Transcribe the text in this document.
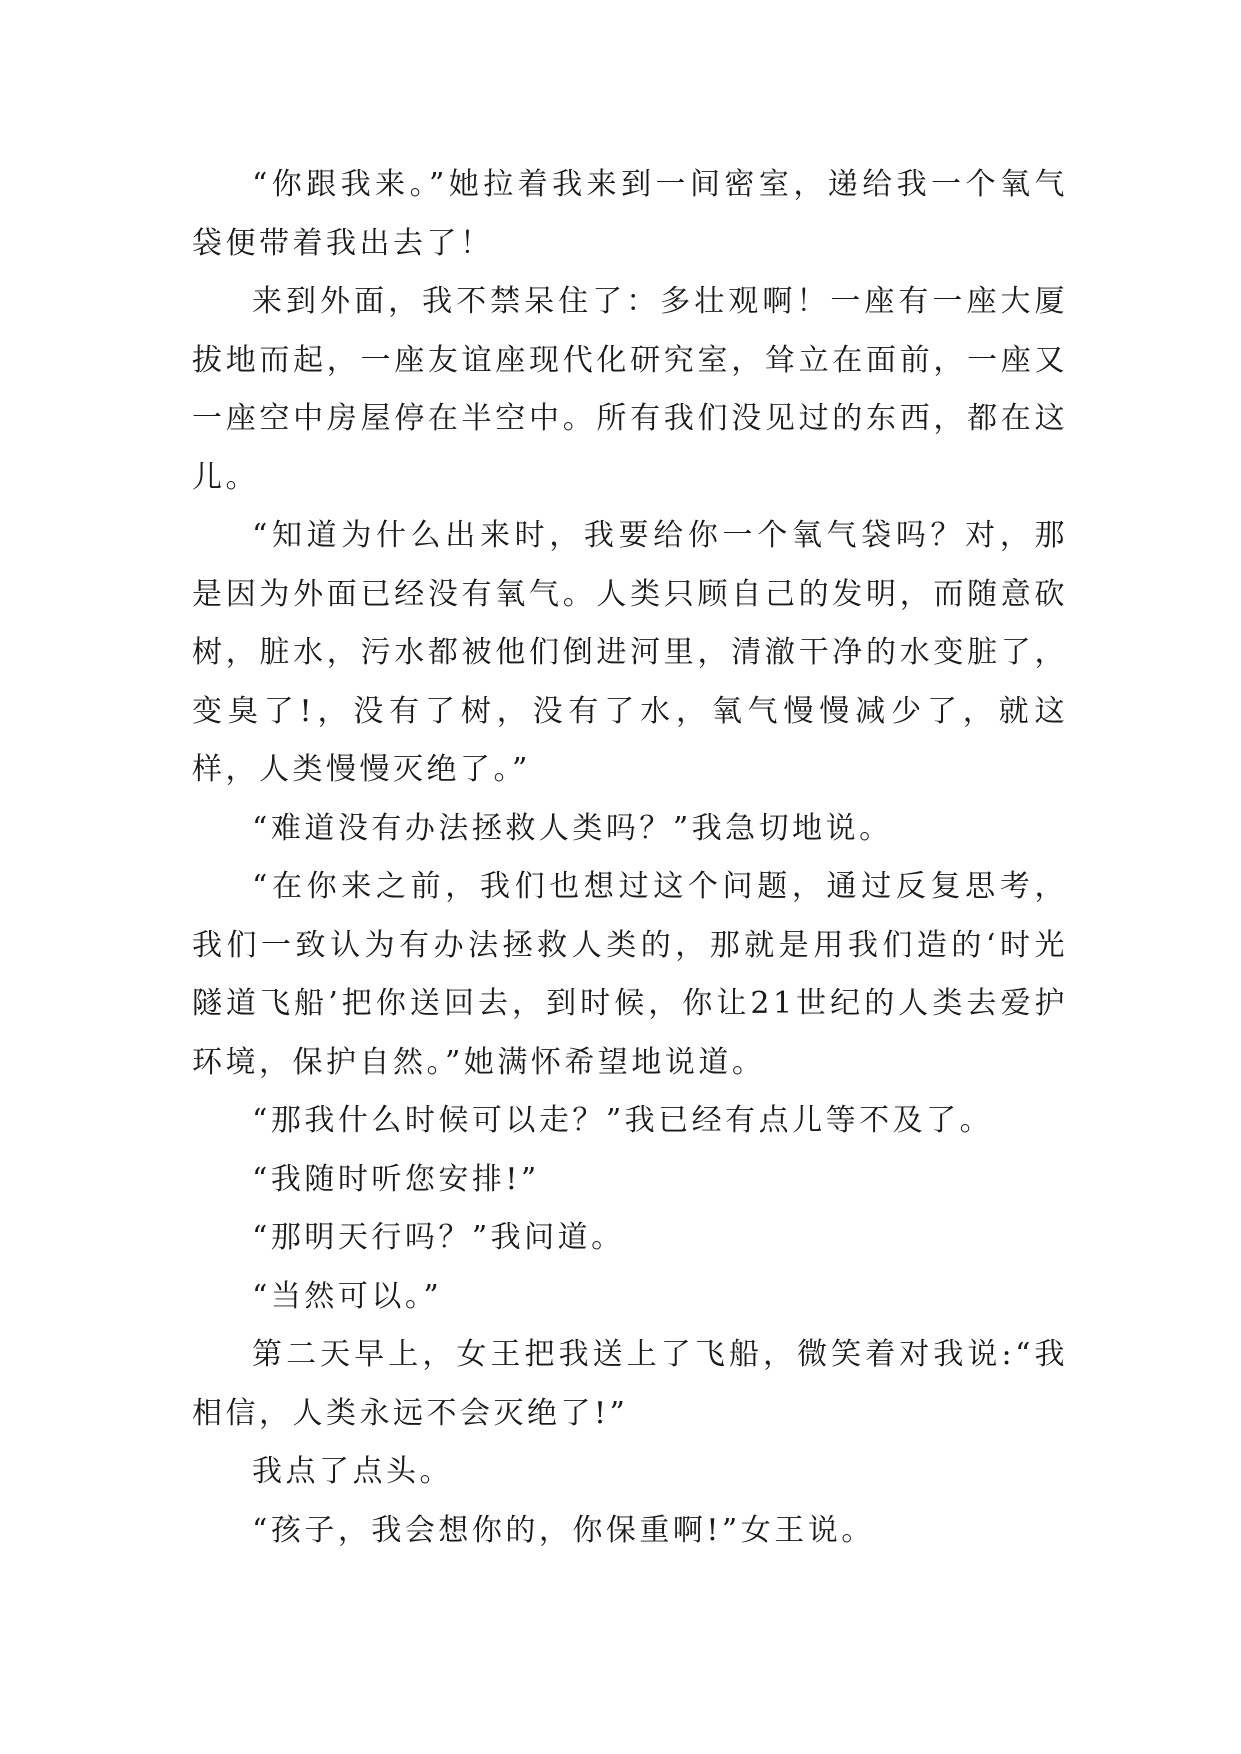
“你跟我来。”她拉着我来到一间密室，递给我一个氧气袋便带着我出去了！

来到外面，我不禁呆住了：多壮观啊！一座有一座大厦拔地而起，一座友谊座现代化研究室，耸立在面前，一座又一座空中房屋停在半空中。所有我们没见过的东西，都在这儿。

“知道为什么出来时，我要给你一个氧气袋吗？对，那是因为外面已经没有氧气。人类只顾自己的发明，而随意砍树，脏水，污水都被他们倒进河里，清澈干净的水变脏了，变臭了!，没有了树，没有了水，氧气慢慢减少了，就这样，人类慢慢灭绝了。”

“难道没有办法拯救人类吗？”我急切地说。

“在你来之前，我们也想过这个问题，通过反复思考，我们一致认为有办法拯救人类的，那就是用我们造的‘时光隧道飞船’把你送回去，到时候，你让21世纪的人类去爱护环境，保护自然。”她满怀希望地说道。

“那我什么时候可以走？”我已经有点儿等不及了。

“我随时听您安排!”

“那明天行吗？”我问道。

“当然可以。”

第二天早上，女王把我送上了飞船，微笑着对我说:“我相信，人类永远不会灭绝了!”

我点了点头。

“孩子，我会想你的，你保重啊!”女王说。
